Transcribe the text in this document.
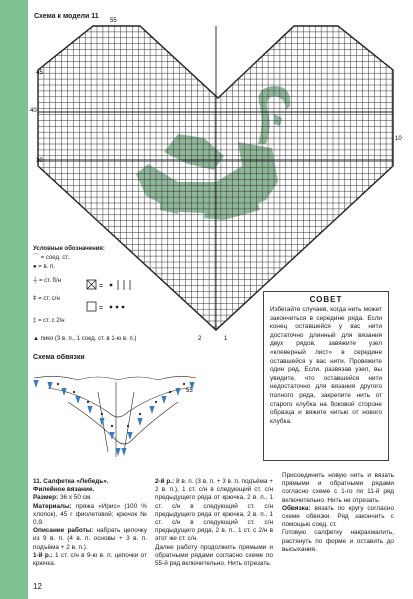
Схема к модели 11
55
45
40
30
10
2	1
Условные обозначения:
⌒ = соед. ст.
● = в. п.
┼ = ст. б/н
ǂ = ст. с/н
‡ = ст. с 2/н
▲ пико (3 в. п., 1 соед. ст. в 1-ю в. п.)
=
=
Схема обвязки
55
СОВЕТ
Избегайте случаев, когда нить может закончиться в середине ряда. Если конец оставшейся у вас нити достаточно длинный для вязания двух рядов, завяжите узел «клеверный лист» в середине оставшейся у вас нити. Провяжите один ряд. Если, развязав узел, вы увидите, что оставшейся нити недостаточно для вязания другого полного ряда, закрепите нить от старого клубка на боковой стороне образца и вяжите нитью от нового клубка.
11. Салфетка «Лебедь».
Филейное вязание.
Размер: 36 х 50 см.
Материалы: пряжа «Ирис» (100 % хлопок), 45 г фиолетовой; крючок № 0,9.
Описание работы: набрать цепочку из 9 в. п. (4 в. п. основы + 3 в. п. подъёма + 2 в. п.).
1-й р.: 1 ст. с/н в 9-ю в. п. цепочки от крючка.
2-й р.: 8 в. п. (3 в. п. + 3 в. п. подъёма + 2 в. п.), 1 ст. с/н в следующий ст. с/н предыдущего ряда от крючка, 2 в. п., 1 ст. с/н в следующий ст. с/н предыдущего ряда от крючка, 2 в. п., 1 ст. с/н в следующий ст. с/н предыдущего ряда, 2 в. п., 1 ст. с 2/н в этот же ст. с/н.
Далее работу продолжить прямыми и обратными рядами согласно схеме по 55-й ряд включительно. Нить отрезать.
Присоединить новую нить и вязать прямыми и обратными рядами согласно схеме с 1-го по 11-й ряд включительно. Нить не отрезать.
Обвязка: вязать по кругу согласно схеме обвязки. Ряд закончить с помощью соед. ст.
Готовую салфетку накрахмалить, растянуть по форме и оставить до высыхания.
12
